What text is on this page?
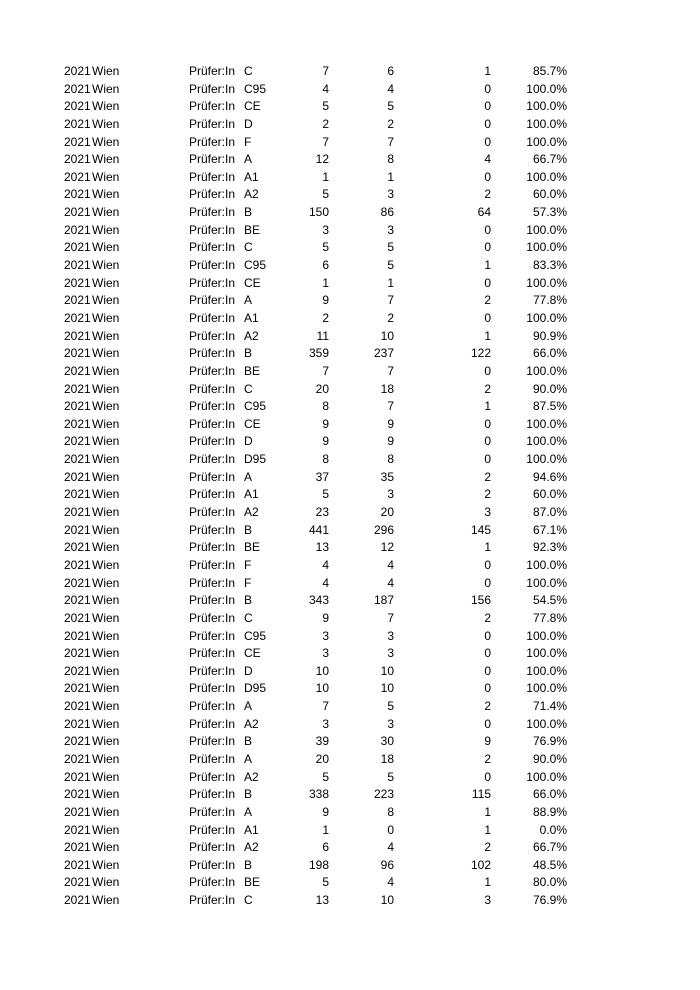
2021 Wien	Prüfer:In C	7	6	1	85.7%
2021 Wien	Prüfer:In C95	4	4	0	100.0%
2021 Wien	Prüfer:In CE	5	5	0	100.0%
2021 Wien	Prüfer:In D	2	2	0	100.0%
2021 Wien	Prüfer:In F	7	7	0	100.0%
2021 Wien	Prüfer:In A	12	8	4	66.7%
2021 Wien	Prüfer:In A1	1	1	0	100.0%
2021 Wien	Prüfer:In A2	5	3	2	60.0%
2021 Wien	Prüfer:In B	150	86	64	57.3%
2021 Wien	Prüfer:In BE	3	3	0	100.0%
2021 Wien	Prüfer:In C	5	5	0	100.0%
2021 Wien	Prüfer:In C95	6	5	1	83.3%
2021 Wien	Prüfer:In CE	1	1	0	100.0%
2021 Wien	Prüfer:In A	9	7	2	77.8%
2021 Wien	Prüfer:In A1	2	2	0	100.0%
2021 Wien	Prüfer:In A2	11	10	1	90.9%
2021 Wien	Prüfer:In B	359	237	122	66.0%
2021 Wien	Prüfer:In BE	7	7	0	100.0%
2021 Wien	Prüfer:In C	20	18	2	90.0%
2021 Wien	Prüfer:In C95	8	7	1	87.5%
2021 Wien	Prüfer:In CE	9	9	0	100.0%
2021 Wien	Prüfer:In D	9	9	0	100.0%
2021 Wien	Prüfer:In D95	8	8	0	100.0%
2021 Wien	Prüfer:In A	37	35	2	94.6%
2021 Wien	Prüfer:In A1	5	3	2	60.0%
2021 Wien	Prüfer:In A2	23	20	3	87.0%
2021 Wien	Prüfer:In B	441	296	145	67.1%
2021 Wien	Prüfer:In BE	13	12	1	92.3%
2021 Wien	Prüfer:In F	4	4	0	100.0%
2021 Wien	Prüfer:In F	4	4	0	100.0%
2021 Wien	Prüfer:In B	343	187	156	54.5%
2021 Wien	Prüfer:In C	9	7	2	77.8%
2021 Wien	Prüfer:In C95	3	3	0	100.0%
2021 Wien	Prüfer:In CE	3	3	0	100.0%
2021 Wien	Prüfer:In D	10	10	0	100.0%
2021 Wien	Prüfer:In D95	10	10	0	100.0%
2021 Wien	Prüfer:In A	7	5	2	71.4%
2021 Wien	Prüfer:In A2	3	3	0	100.0%
2021 Wien	Prüfer:In B	39	30	9	76.9%
2021 Wien	Prüfer:In A	20	18	2	90.0%
2021 Wien	Prüfer:In A2	5	5	0	100.0%
2021 Wien	Prüfer:In B	338	223	115	66.0%
2021 Wien	Prüfer:In A	9	8	1	88.9%
2021 Wien	Prüfer:In A1	1	0	1	0.0%
2021 Wien	Prüfer:In A2	6	4	2	66.7%
2021 Wien	Prüfer:In B	198	96	102	48.5%
2021 Wien	Prüfer:In BE	5	4	1	80.0%
2021 Wien	Prüfer:In C	13	10	3	76.9%
